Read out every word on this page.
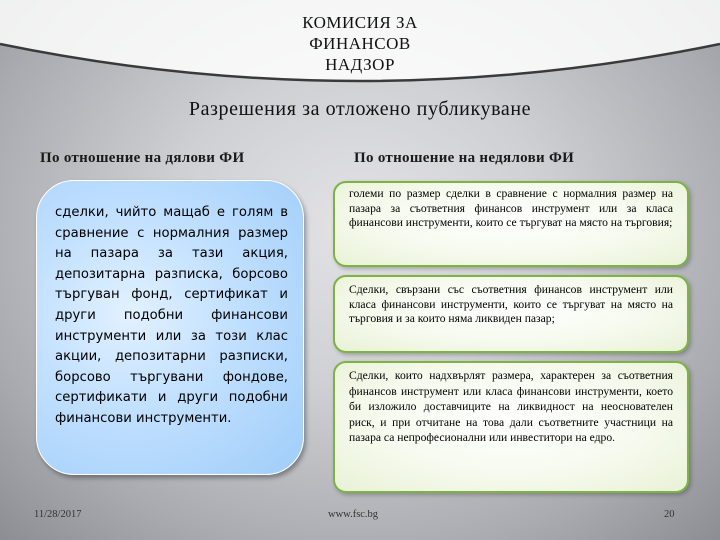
КОМИСИЯ ЗА
ФИНАНСОВ
НАДЗОР
Разрешения за отложено публикуване
По отношение на дялови ФИ	По отношение на недялови ФИ
сделки, чийто мащаб е голям в сравнение с нормалния размер на пазара за тази акция, депозитарна разписка, борсово търгуван фонд, сертификат и други подобни финансови инструменти или за този клас акции, депозитарни разписки, борсово търгувани фондове, сертификати и други подобни финансови инструменти.
големи по размер сделки в сравнение с нормалния размер на пазара за съответния финансов инструмент или за класа финансови инструменти, които се търгуват на място на търговия;
Сделки, свързани със съответния финансов инструмент или класа финансови инструменти, които се търгуват на място на търговия и за които няма ликвиден пазар;
Сделки, които надхвърлят размера, характерен за съответния финансов инструмент или класа финансови инструменти, което би изложило доставчиците на ликвидност на неоснователен риск, и при отчитане на това дали съответните участници на пазара са непрофесионални или инвеститори на едро.
11/28/2017	www.fsc.bg	20
